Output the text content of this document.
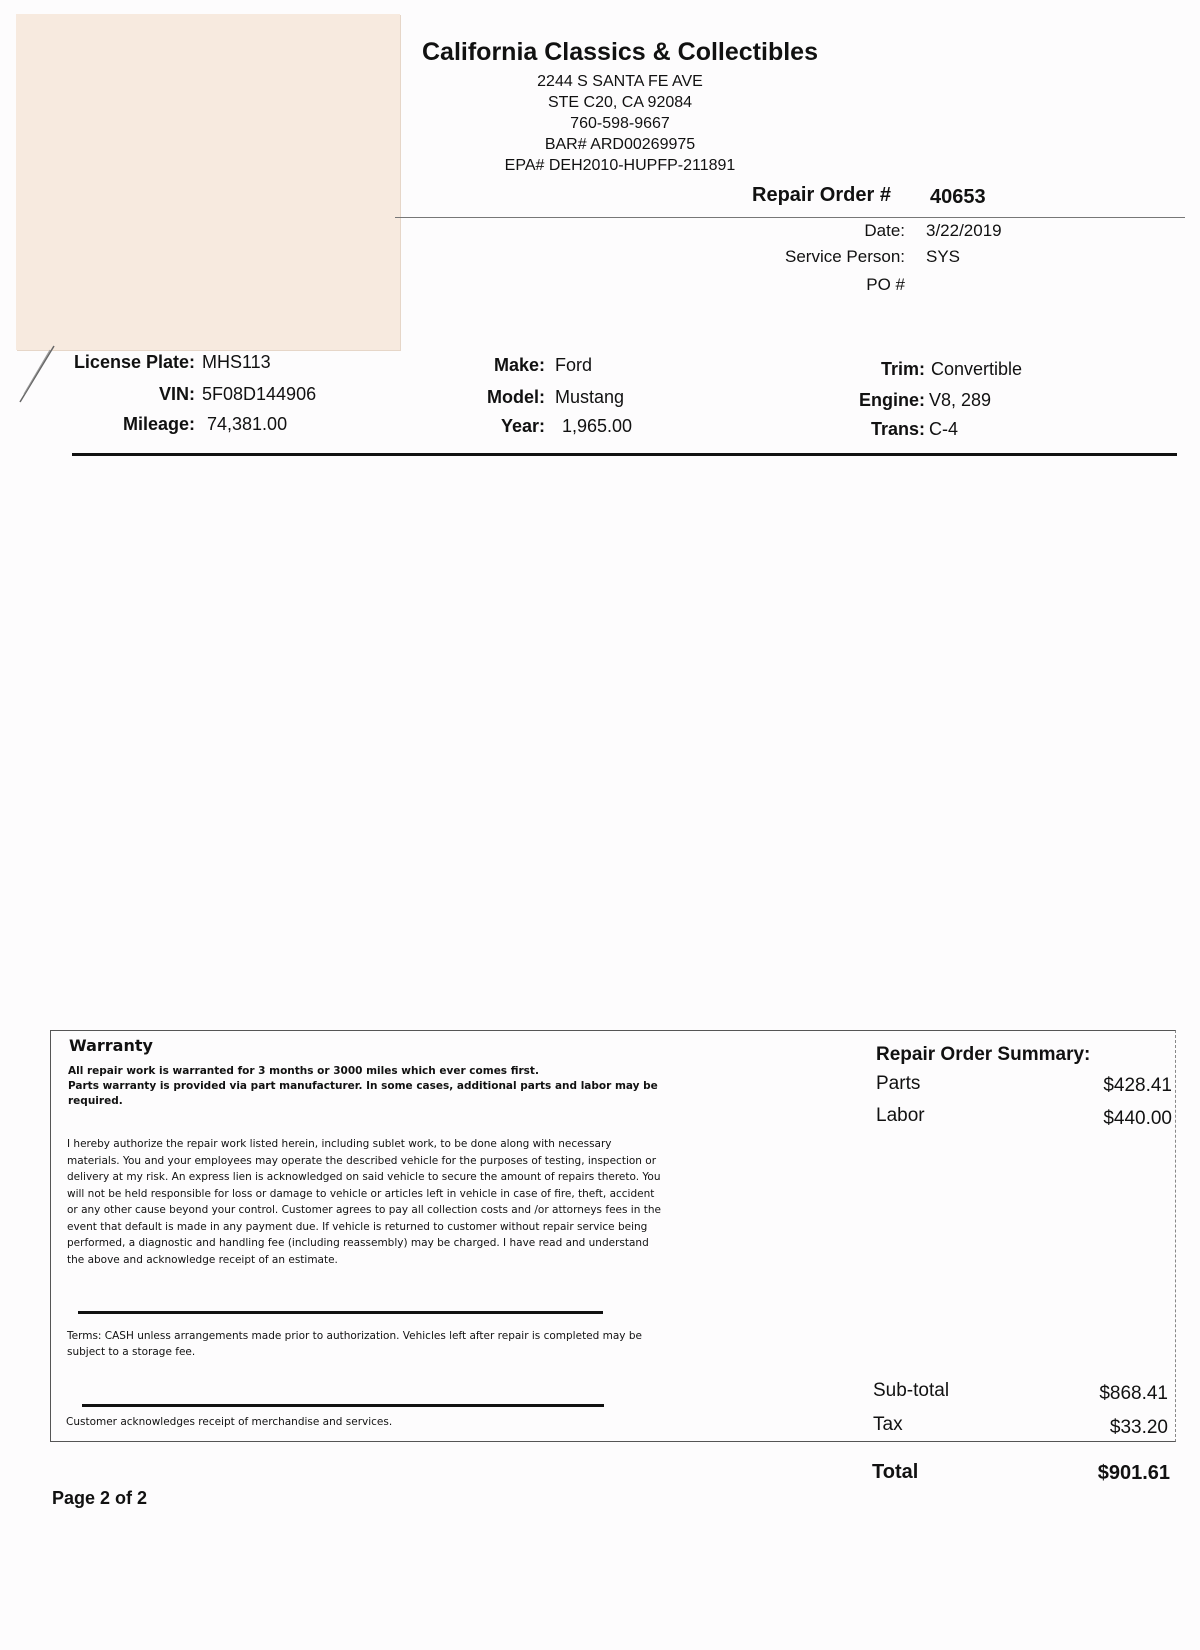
California Classics & Collectibles
2244 S SANTA FE AVE
STE C20, CA 92084
760-598-9667
BAR# ARD00269975
EPA# DEH2010-HUPFP-211891
Repair Order # 40653
Date: 3/22/2019
Service Person: SYS
PO #
License Plate: MHS113
VIN: 5F08D144906
Mileage: 74,381.00
Make: Ford
Model: Mustang
Year: 1,965.00
Trim: Convertible
Engine: V8, 289
Trans: C-4
Warranty
All repair work is warranted for 3 months or 3000 miles which ever comes first.
Parts warranty is provided via part manufacturer. In some cases, additional parts and labor may be required.
I hereby authorize the repair work listed herein, including sublet work, to be done along with necessary materials. You and your employees may operate the described vehicle for the purposes of testing, inspection or delivery at my risk. An express lien is acknowledged on said vehicle to secure the amount of repairs thereto. You will not be held responsible for loss or damage to vehicle or articles left in vehicle in case of fire, theft, accident or any other cause beyond your control. Customer agrees to pay all collection costs and /or attorneys fees in the event that default is made in any payment due. If vehicle is returned to customer without repair service being performed, a diagnostic and handling fee (including reassembly) may be charged. I have read and understand the above and acknowledge receipt of an estimate.
Terms: CASH unless arrangements made prior to authorization. Vehicles left after repair is completed may be subject to a storage fee.
Customer acknowledges receipt of merchandise and services.
Repair Order Summary:
Parts	$428.41
Labor	$440.00
Sub-total	$868.41
Tax	$33.20
Total	$901.61
Page 2 of 2
